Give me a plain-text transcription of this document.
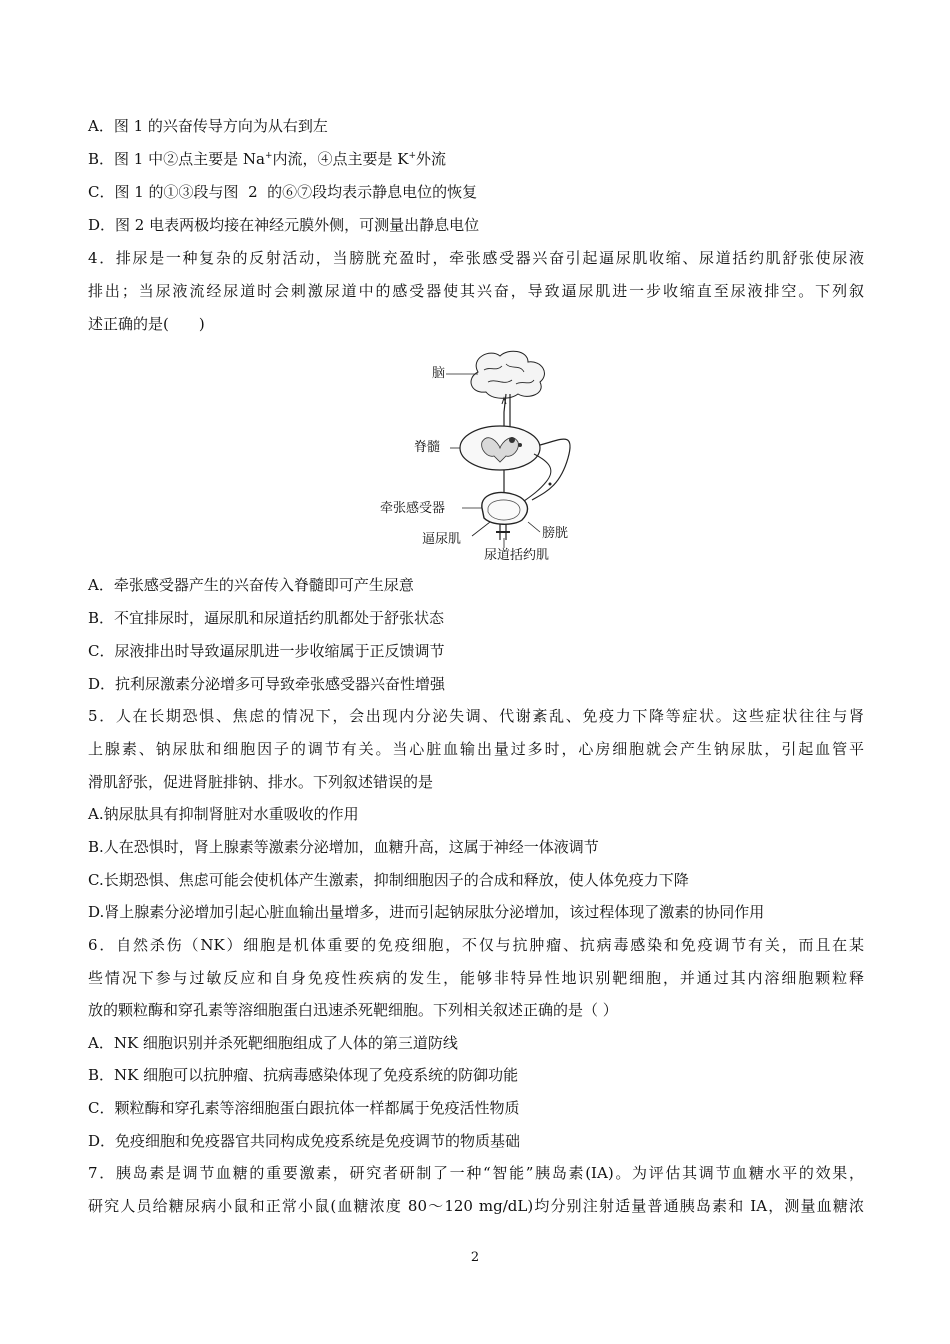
A．图 1 的兴奋传导方向为从右到左
B．图 1 中②点主要是 Na+内流，④点主要是 K+外流
C．图 1 的①③段与图  2  的⑥⑦段均表示静息电位的恢复
D．图 2 电表两极均接在神经元膜外侧，可测量出静息电位
4．排尿是一种复杂的反射活动，当膀胱充盈时，牵张感受器兴奋引起逼尿肌收缩、尿道括约肌舒张使尿液
排出；当尿液流经尿道时会刺激尿道中的感受器使其兴奋，导致逼尿肌进一步收缩直至尿液排空。下列叙
述正确的是(　　)
脑
脊髓
牵张感受器
膀胱
逼尿肌
尿道括约肌
A．牵张感受器产生的兴奋传入脊髓即可产生尿意
B．不宜排尿时，逼尿肌和尿道括约肌都处于舒张状态
C．尿液排出时导致逼尿肌进一步收缩属于正反馈调节
D．抗利尿激素分泌增多可导致牵张感受器兴奋性增强
5．人在长期恐惧、焦虑的情况下，会出现内分泌失调、代谢紊乱、免疫力下降等症状。这些症状往往与肾
上腺素、钠尿肽和细胞因子的调节有关。当心脏血输出量过多时，心房细胞就会产生钠尿肽，引起血管平
滑肌舒张，促进肾脏排钠、排水。下列叙述错误的是
A.钠尿肽具有抑制肾脏对水重吸收的作用
B.人在恐惧时，肾上腺素等激素分泌增加，血糖升高，这属于神经一体液调节
C.长期恐惧、焦虑可能会使机体产生激素，抑制细胞因子的合成和释放，使人体免疫力下降
D.肾上腺素分泌增加引起心脏血输出量增多，进而引起钠尿肽分泌增加，该过程体现了激素的协同作用
6．自然杀伤（NK）细胞是机体重要的免疫细胞，不仅与抗肿瘤、抗病毒感染和免疫调节有关，而且在某
些情况下参与过敏反应和自身免疫性疾病的发生，能够非特异性地识别靶细胞，并通过其内溶细胞颗粒释
放的颗粒酶和穿孔素等溶细胞蛋白迅速杀死靶细胞。下列相关叙述正确的是（ ）
A．NK 细胞识别并杀死靶细胞组成了人体的第三道防线
B．NK 细胞可以抗肿瘤、抗病毒感染体现了免疫系统的防御功能
C．颗粒酶和穿孔素等溶细胞蛋白跟抗体一样都属于免疫活性物质
D．免疫细胞和免疫器官共同构成免疫系统是免疫调节的物质基础
7．胰岛素是调节血糖的重要激素，研究者研制了一种“智能”胰岛素(IA)。为评估其调节血糖水平的效果，
研究人员给糖尿病小鼠和正常小鼠(血糖浓度 80～120 mg/dL)均分别注射适量普通胰岛素和 IA，测量血糖浓
2
